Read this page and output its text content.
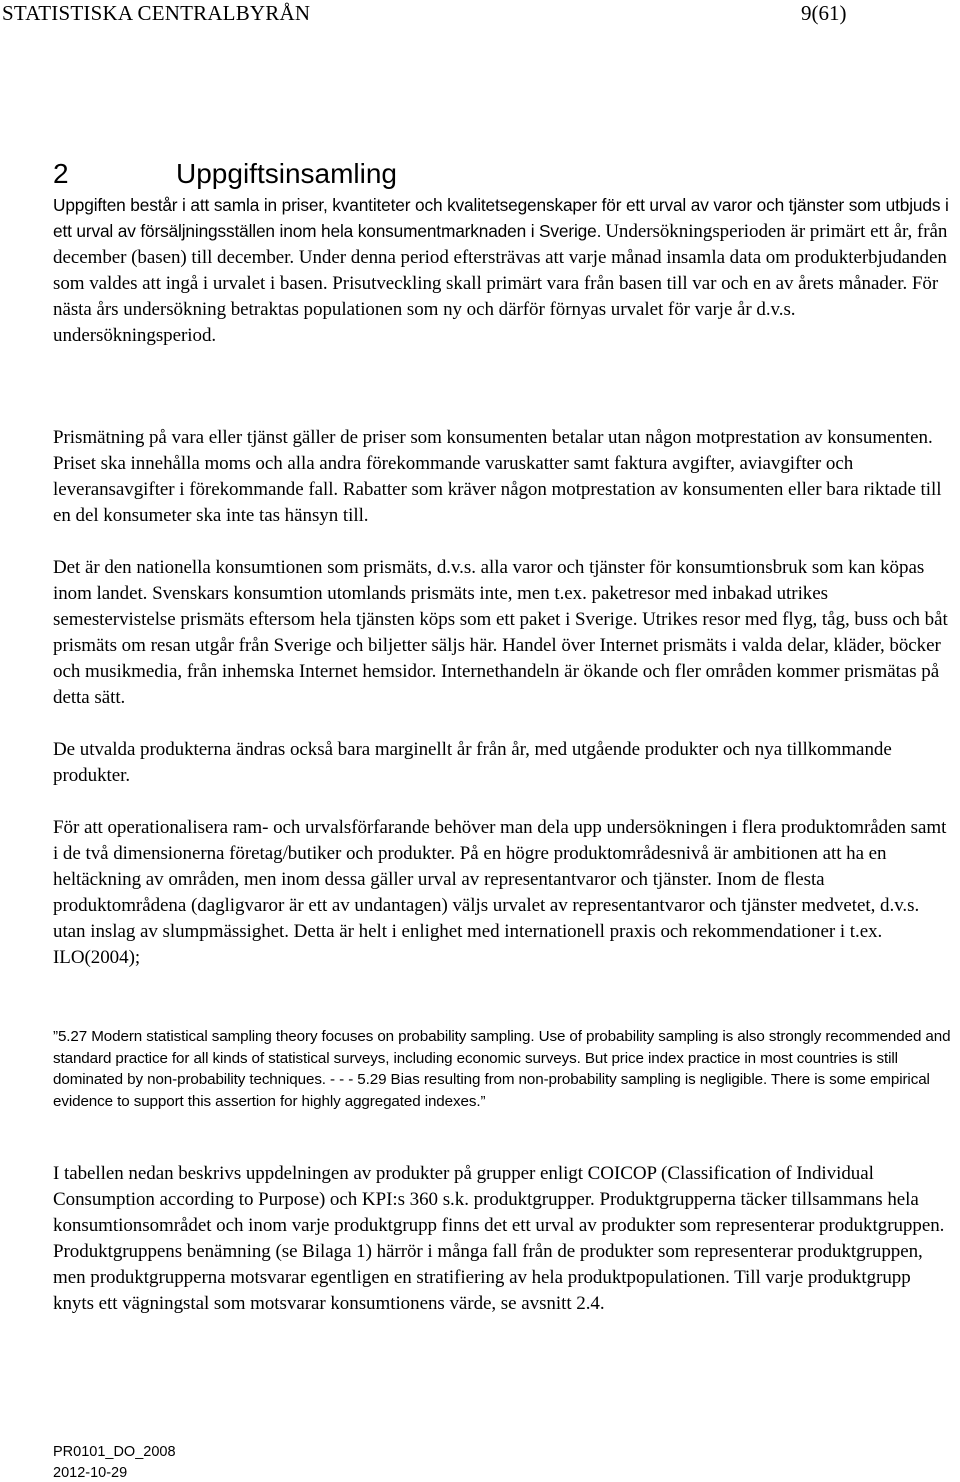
STATISTISKA CENTRALBYRÅN	9(61)
2	Uppgiftsinsamling
Uppgiften består i att samla in priser, kvantiteter och kvalitetsegenskaper för ett urval av varor och tjänster som utbjuds i ett urval av försäljningsställen inom hela konsumentmarknaden i Sverige. Undersökningsperioden är primärt ett år, från december (basen) till december. Under denna period eftersträvas att varje månad insamla data om produkterbjudanden som valdes att ingå i urvalet i basen. Prisutveckling skall primärt vara från basen till var och en av årets månader. För nästa års undersökning betraktas populationen som ny och därför förnyas urvalet för varje år d.v.s. undersökningsperiod.

Prismätning på vara eller tjänst gäller de priser som konsumenten betalar utan någon motprestation av konsumenten. Priset ska innehålla moms och alla andra förekommande varuskatter samt faktura avgifter, aviavgifter och leveransavgifter i förekommande fall. Rabatter som kräver någon motprestation av konsumenten eller bara riktade till en del konsumeter ska inte tas hänsyn till.

Det är den nationella konsumtionen som prismäts, d.v.s. alla varor och tjänster för konsumtionsbruk som kan köpas inom landet. Svenskars konsumtion utomlands prismäts inte, men t.ex. paketresor med inbakad utrikes semestervistelse prismäts eftersom hela tjänsten köps som ett paket i Sverige. Utrikes resor med flyg, tåg, buss och båt prismäts om resan utgår från Sverige och biljetter säljs här. Handel över Internet prismäts i valda delar, kläder, böcker och musikmedia, från inhemska Internet hemsidor. Internethandeln är ökande och fler områden kommer prismätas på detta sätt.

De utvalda produkterna ändras också bara marginellt år från år, med utgående produkter och nya tillkommande produkter.

För att operationalisera ram- och urvalsförfarande behöver man dela upp undersökningen i flera produktområden samt i de två dimensionerna företag/butiker och produkter. På en högre produktområdesnivå är ambitionen att ha en heltäckning av områden, men inom dessa gäller urval av representantvaror och tjänster. Inom de flesta produktområdena (dagligvaror är ett av undantagen) väljs urvalet av representantvaror och tjänster medvetet, d.v.s. utan inslag av slumpmässighet. Detta är helt i enlighet med internationell praxis och rekommendationer i t.ex. ILO(2004);

”5.27 Modern statistical sampling theory focuses on probability sampling. Use of probability sampling is also strongly recommended and standard practice for all kinds of statistical surveys, including economic surveys. But price index practice in most countries is still dominated by non-probability techniques. - - - 5.29 Bias resulting from non-probability sampling is negligible. There is some empirical evidence to support this assertion for highly aggregated indexes.”

I tabellen nedan beskrivs uppdelningen av produkter på grupper enligt COICOP (Classification of Individual Consumption according to Purpose) och KPI:s 360 s.k. produktgrupper. Produktgrupperna täcker tillsammans hela konsumtionsområdet och inom varje produktgrupp finns det ett urval av produkter som representerar produktgruppen. Produktgruppens benämning (se Bilaga 1) härrör i många fall från de produkter som representerar produktgruppen, men produktgrupperna motsvarar egentligen en stratifiering av hela produktpopulationen. Till varje produktgrupp knyts ett vägningstal som motsvarar konsumtionens värde, se avsnitt 2.4.

PR0101_DO_2008
2012-10-29
